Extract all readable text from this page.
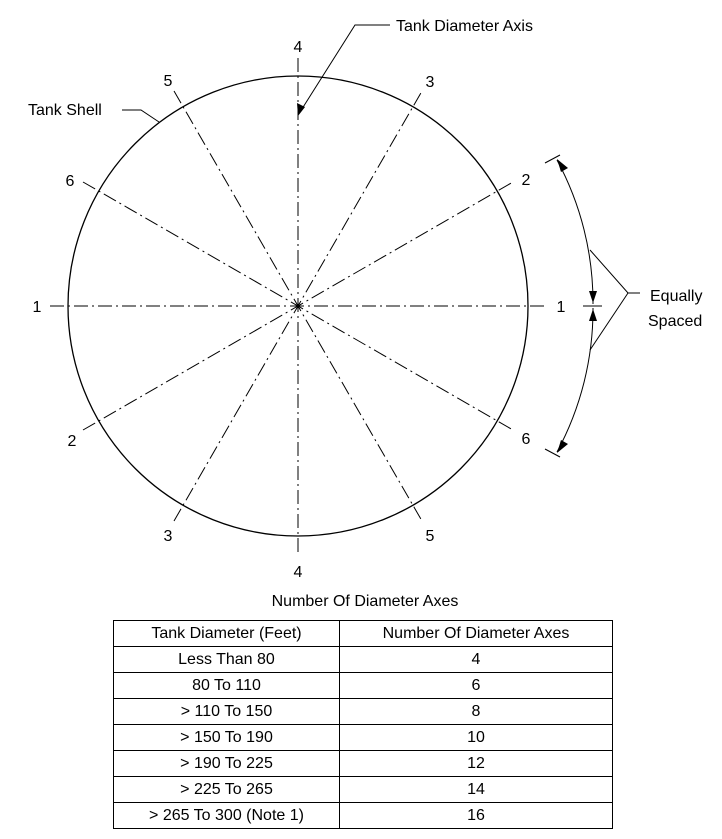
1	1
2
2
3
3
4
4
5
5
6
6
Tank Diameter Axis
Tank Shell
Equally
Spaced
Number Of Diameter Axes
Tank Diameter (Feet)	Number Of Diameter Axes
Less Than 80	4
80 To 110	6
> 110 To 150	8
> 150 To 190	10
> 190 To 225	12
> 225 To 265	14
> 265 To 300 (Note 1)	16
